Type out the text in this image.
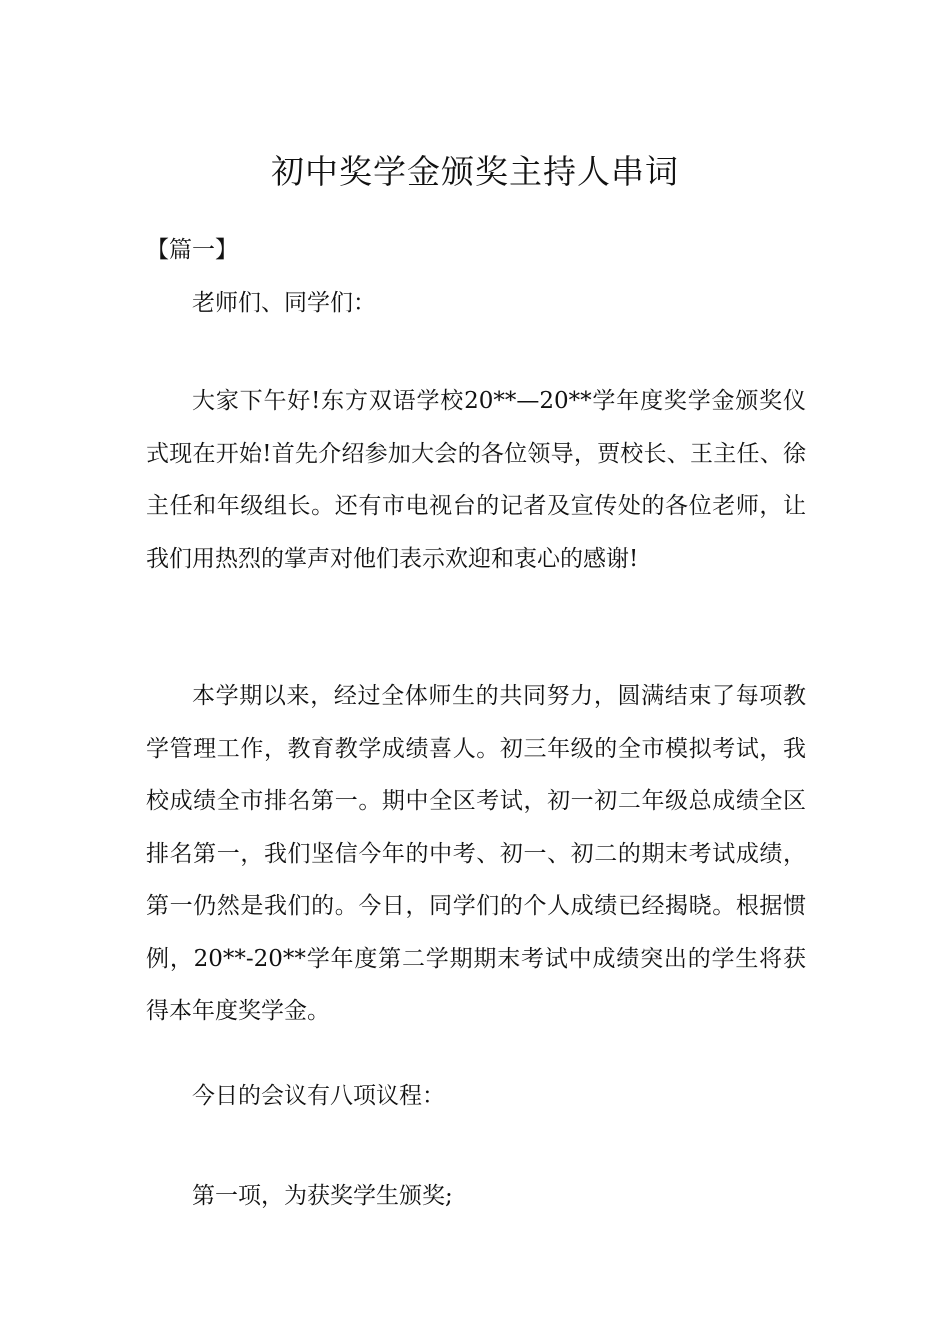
初中奖学金颁奖主持人串词
【篇一】

老师们、同学们：

大家下午好!东方双语学校20**—20**学年度奖学金颁奖仪式现在开始!首先介绍参加大会的各位领导，贾校长、王主任、徐主任和年级组长。还有市电视台的记者及宣传处的各位老师，让我们用热烈的掌声对他们表示欢迎和衷心的感谢!

本学期以来，经过全体师生的共同努力，圆满结束了每项教学管理工作，教育教学成绩喜人。初三年级的全市模拟考试，我校成绩全市排名第一。期中全区考试，初一初二年级总成绩全区排名第一，我们坚信今年的中考、初一、初二的期末考试成绩，第一仍然是我们的。今日，同学们的个人成绩已经揭晓。根据惯例，20**-20**学年度第二学期期末考试中成绩突出的学生将获得本年度奖学金。

今日的会议有八项议程：

第一项，为获奖学生颁奖;
